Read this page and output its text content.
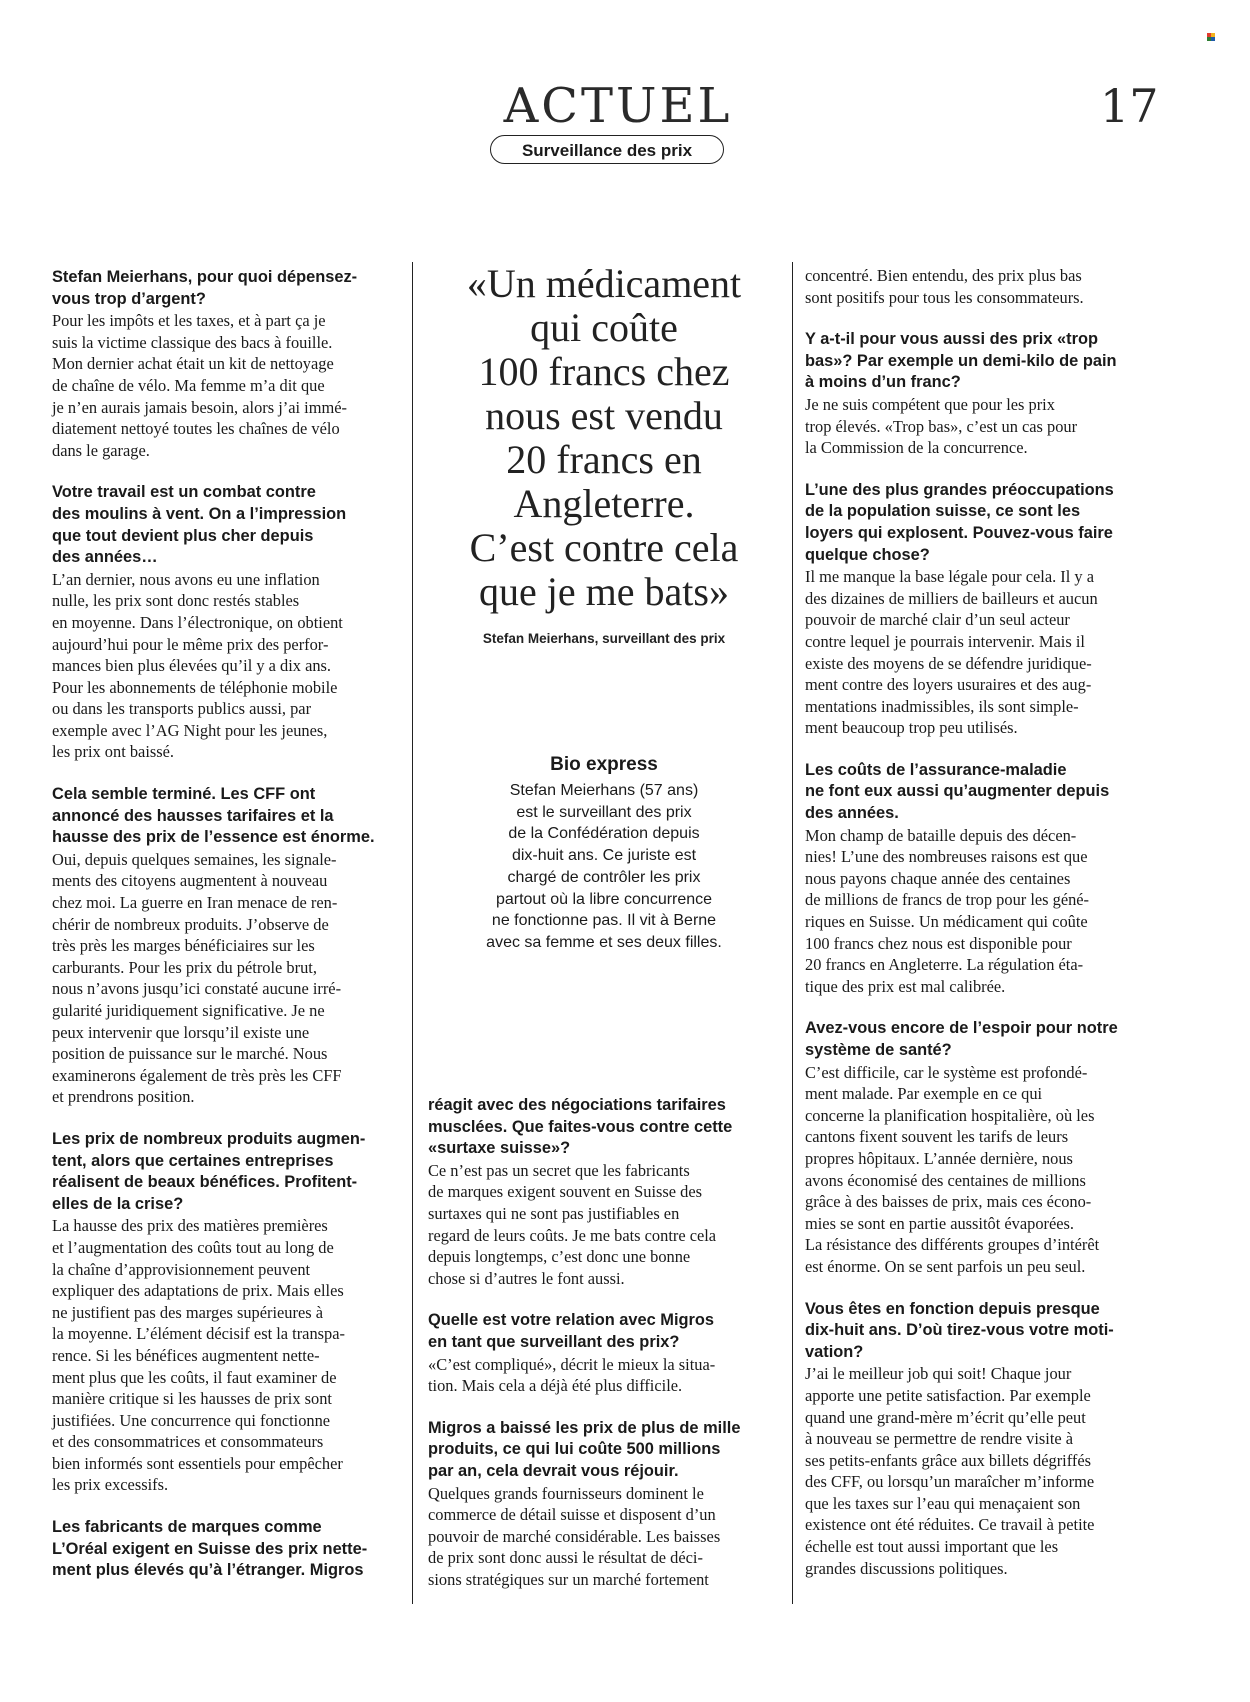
ACTUEL	17
Surveillance des prix
Stefan Meierhans, pour quoi dépensez-
vous trop d’argent?
Pour les impôts et les taxes, et à part ça je
suis la victime classique des bacs à fouille.
Mon dernier achat était un kit de nettoyage
de chaîne de vélo. Ma femme m’a dit que
je n’en aurais jamais besoin, alors j’ai immé-
diatement nettoyé toutes les chaînes de vélo
dans le garage.
Votre travail est un combat contre
des moulins à vent. On a l’impression
que tout devient plus cher depuis
des années…
L’an dernier, nous avons eu une inflation
nulle, les prix sont donc restés stables
en moyenne. Dans l’électronique, on obtient
aujourd’hui pour le même prix des perfor-
mances bien plus élevées qu’il y a dix ans.
Pour les abonnements de téléphonie mobile
ou dans les transports publics aussi, par
exemple avec l’AG Night pour les jeunes,
les prix ont baissé.
Cela semble terminé. Les CFF ont
annoncé des hausses tarifaires et la
hausse des prix de l’essence est énorme.
Oui, depuis quelques semaines, les signale-
ments des citoyens augmentent à nouveau
chez moi. La guerre en Iran menace de ren-
chérir de nombreux produits. J’observe de
très près les marges bénéficiaires sur les
carburants. Pour les prix du pétrole brut,
nous n’avons jusqu’ici constaté aucune irré-
gularité juridiquement significative. Je ne
peux intervenir que lorsqu’il existe une
position de puissance sur le marché. Nous
examinerons également de très près les CFF
et prendrons position.
Les prix de nombreux produits augmen-
tent, alors que certaines entreprises
réalisent de beaux bénéfices. Profitent-
elles de la crise?
La hausse des prix des matières premières
et l’augmentation des coûts tout au long de
la chaîne d’approvisionnement peuvent
expliquer des adaptations de prix. Mais elles
ne justifient pas des marges supérieures à
la moyenne. L’élément décisif est la transpa-
rence. Si les bénéfices augmentent nette-
ment plus que les coûts, il faut examiner de
manière critique si les hausses de prix sont
justifiées. Une concurrence qui fonctionne
et des consommatrices et consommateurs
bien informés sont essentiels pour empêcher
les prix excessifs.
Les fabricants de marques comme
L’Oréal exigent en Suisse des prix nette-
ment plus élevés qu’à l’étranger. Migros
«Un médicament
qui coûte
100 francs chez
nous est vendu
20 francs en
Angleterre.
C’est contre cela
que je me bats»
Stefan Meierhans, surveillant des prix
Bio express
Stefan Meierhans (57 ans)
est le surveillant des prix
de la Confédération depuis
dix-huit ans. Ce juriste est
chargé de contrôler les prix
partout où la libre concurrence
ne fonctionne pas. Il vit à Berne
avec sa femme et ses deux filles.
réagit avec des négociations tarifaires
musclées. Que faites-vous contre cette
«surtaxe suisse»?
Ce n’est pas un secret que les fabricants
de marques exigent souvent en Suisse des
surtaxes qui ne sont pas justifiables en
regard de leurs coûts. Je me bats contre cela
depuis longtemps, c’est donc une bonne
chose si d’autres le font aussi.
Quelle est votre relation avec Migros
en tant que surveillant des prix?
«C’est compliqué», décrit le mieux la situa-
tion. Mais cela a déjà été plus difficile.
Migros a baissé les prix de plus de mille
produits, ce qui lui coûte 500 millions
par an, cela devrait vous réjouir.
Quelques grands fournisseurs dominent le
commerce de détail suisse et disposent d’un
pouvoir de marché considérable. Les baisses
de prix sont donc aussi le résultat de déci-
sions stratégiques sur un marché fortement
concentré. Bien entendu, des prix plus bas
sont positifs pour tous les consommateurs.
Y a-t-il pour vous aussi des prix «trop
bas»? Par exemple un demi-kilo de pain
à moins d’un franc?
Je ne suis compétent que pour les prix
trop élevés. «Trop bas», c’est un cas pour
la Commission de la concurrence.
L’une des plus grandes préoccupations
de la population suisse, ce sont les
loyers qui explosent. Pouvez-vous faire
quelque chose?
Il me manque la base légale pour cela. Il y a
des dizaines de milliers de bailleurs et aucun
pouvoir de marché clair d’un seul acteur
contre lequel je pourrais intervenir. Mais il
existe des moyens de se défendre juridique-
ment contre des loyers usuraires et des aug-
mentations inadmissibles, ils sont simple-
ment beaucoup trop peu utilisés.
Les coûts de l’assurance-maladie
ne font eux aussi qu’augmenter depuis
des années.
Mon champ de bataille depuis des décen-
nies! L’une des nombreuses raisons est que
nous payons chaque année des centaines
de millions de francs de trop pour les géné-
riques en Suisse. Un médicament qui coûte
100 francs chez nous est disponible pour
20 francs en Angleterre. La régulation éta-
tique des prix est mal calibrée.
Avez-vous encore de l’espoir pour notre
système de santé?
C’est difficile, car le système est profondé-
ment malade. Par exemple en ce qui
concerne la planification hospitalière, où les
cantons fixent souvent les tarifs de leurs
propres hôpitaux. L’année dernière, nous
avons économisé des centaines de millions
grâce à des baisses de prix, mais ces écono-
mies se sont en partie aussitôt évaporées.
La résistance des différents groupes d’intérêt
est énorme. On se sent parfois un peu seul.
Vous êtes en fonction depuis presque
dix-huit ans. D’où tirez-vous votre moti-
vation?
J’ai le meilleur job qui soit! Chaque jour
apporte une petite satisfaction. Par exemple
quand une grand-mère m’écrit qu’elle peut
à nouveau se permettre de rendre visite à
ses petits-enfants grâce aux billets dégriffés
des CFF, ou lorsqu’un maraîcher m’informe
que les taxes sur l’eau qui menaçaient son
existence ont été réduites. Ce travail à petite
échelle est tout aussi important que les
grandes discussions politiques.
